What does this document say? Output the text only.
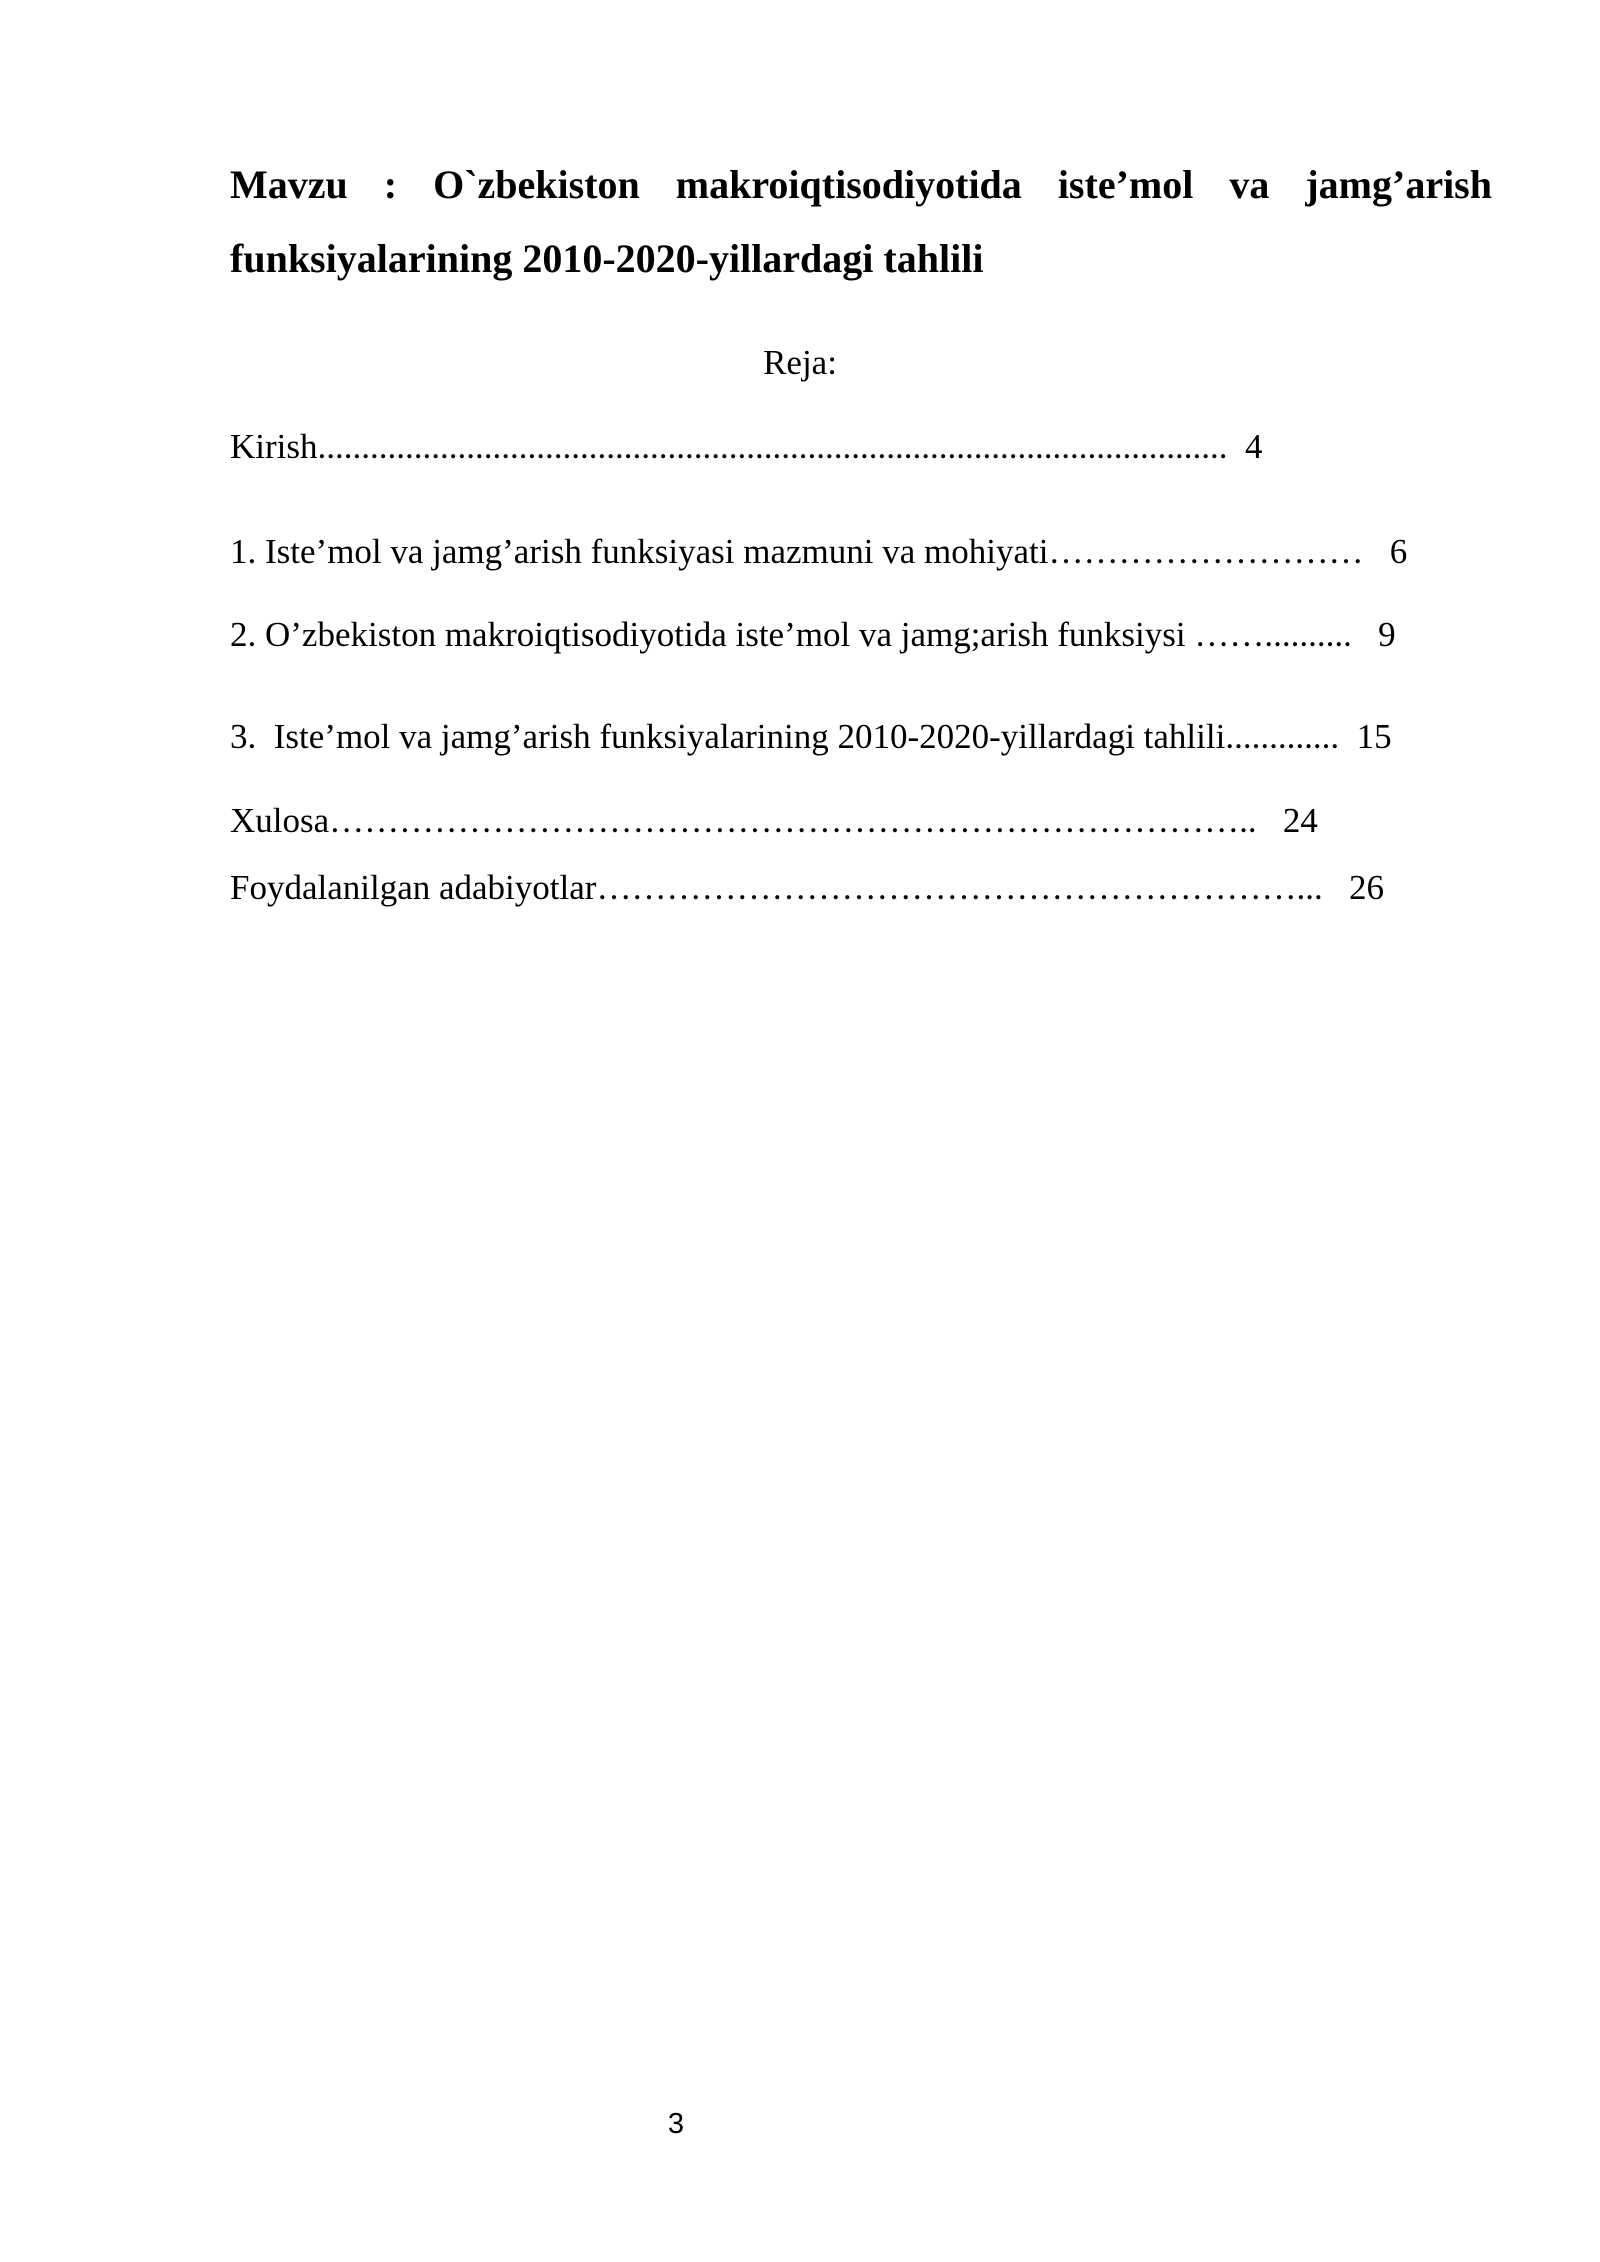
Mavzu : O`zbekiston makroiqtisodiyotida iste’mol va jamg’arish
funksiyalarining 2010-2020-yillardagi tahlili
Reja:
Kirish........................................................................................................ 4
1. Iste’mol va jamg’arish funksiyasi mazmuni va mohiyati……………………… 6
2. O’zbekiston makroiqtisodiyotida iste’mol va jamg;arish funksiysi …….......... 9
3.  Iste’mol va jamg’arish funksiyalarining 2010-2020-yillardagi tahlili............. 15
Xulosa…………………………………………………………………….. 24
Foydalanilgan adabiyotlar……………………………………………………... 26
3
